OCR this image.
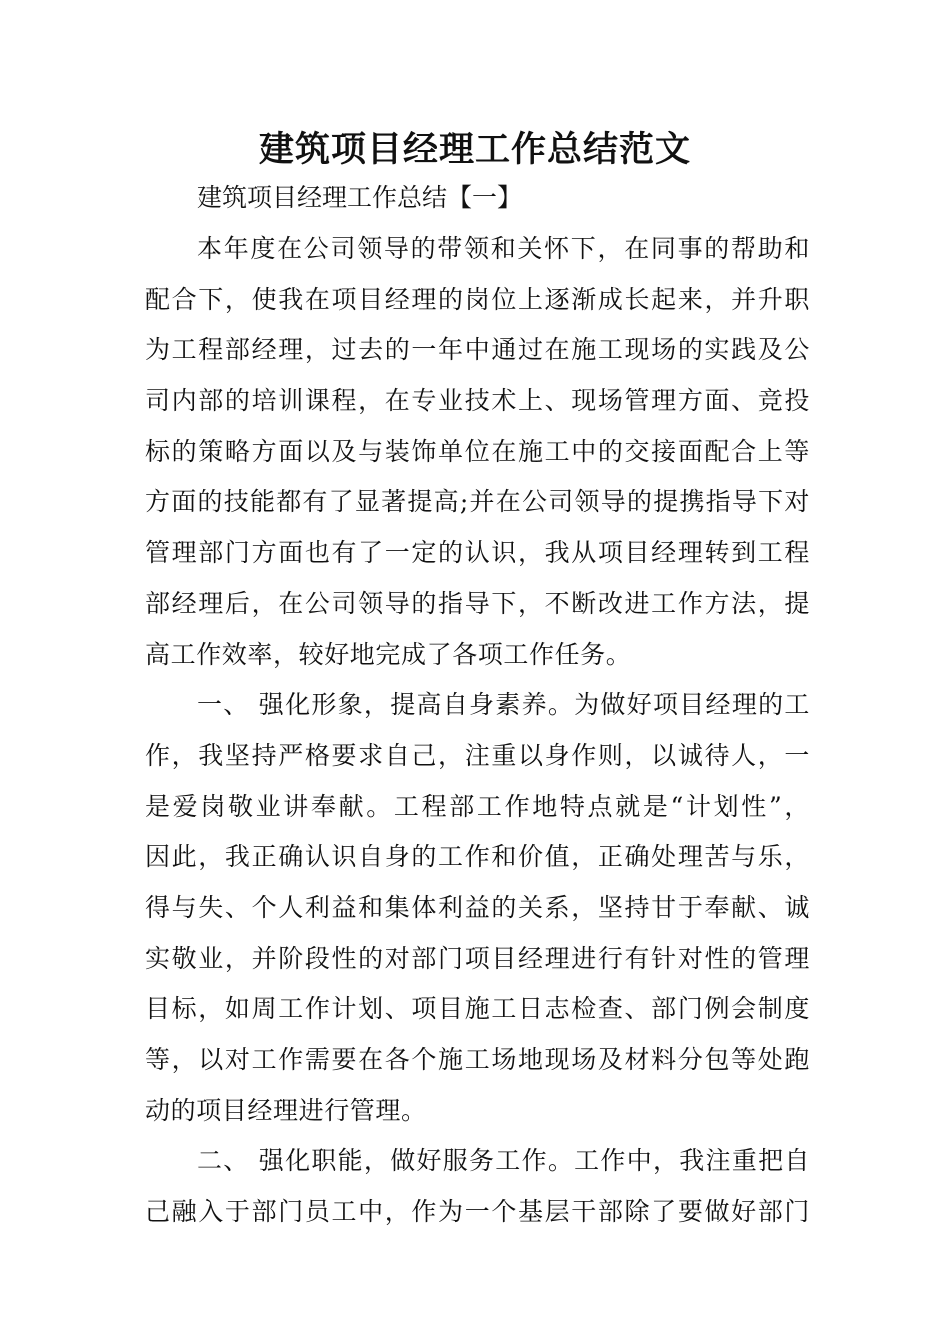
建筑项目经理工作总结范文

建筑项目经理工作总结【一】

本年度在公司领导的带领和关怀下，在同事的帮助和
配合下，使我在项目经理的岗位上逐渐成长起来，并升职
为工程部经理，过去的一年中通过在施工现场的实践及公
司内部的培训课程，在专业技术上、现场管理方面、竞投
标的策略方面以及与装饰单位在施工中的交接面配合上等
方面的技能都有了显著提高;并在公司领导的提携指导下对
管理部门方面也有了一定的认识，我从项目经理转到工程
部经理后，在公司领导的指导下，不断改进工作方法，提
高工作效率，较好地完成了各项工作任务。
一、 强化形象，提高自身素养。为做好项目经理的工
作，我坚持严格要求自己，注重以身作则，以诚待人，一
是爱岗敬业讲奉献。工程部工作地特点就是“计划性”，
因此，我正确认识自身的工作和价值，正确处理苦与乐，
得与失、个人利益和集体利益的关系，坚持甘于奉献、诚
实敬业，并阶段性的对部门项目经理进行有针对性的管理
目标，如周工作计划、项目施工日志检查、部门例会制度
等，以对工作需要在各个施工场地现场及材料分包等处跑
动的项目经理进行管理。
二、 强化职能，做好服务工作。工作中，我注重把自
己融入于部门员工中，作为一个基层干部除了要做好部门
